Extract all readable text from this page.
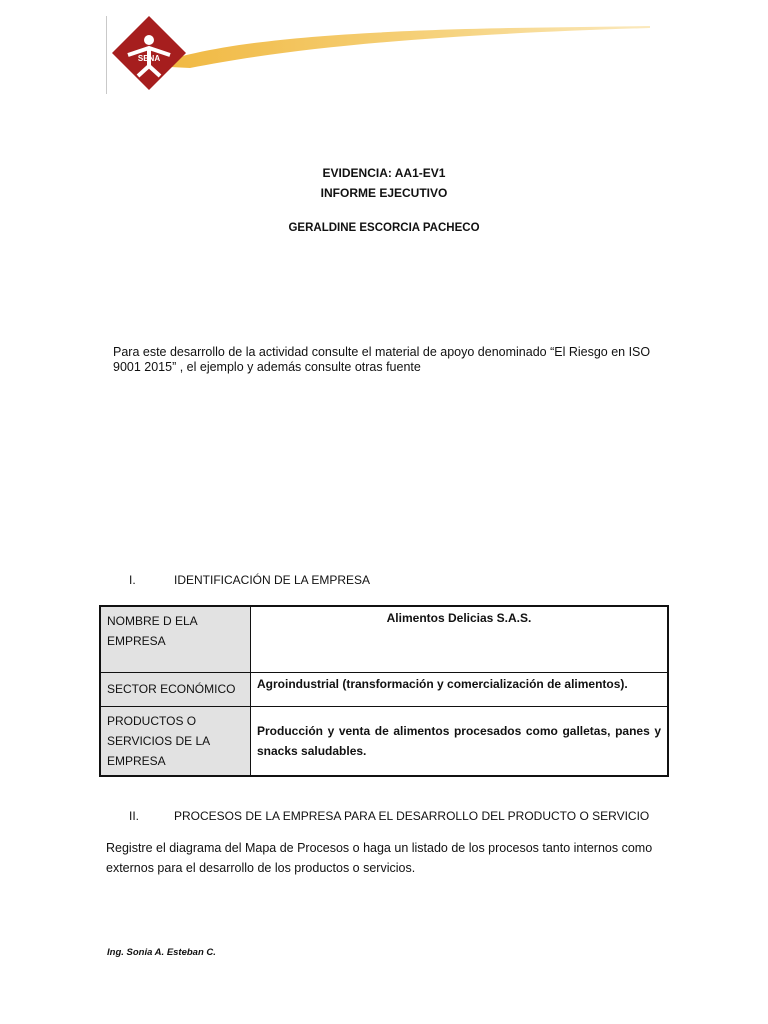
SENA
EVIDENCIA: AA1-EV1
INFORME EJECUTIVO
GERALDINE ESCORCIA PACHECO
Para este desarrollo de la actividad consulte el material de apoyo denominado “El Riesgo en ISO 9001 2015” , el ejemplo y además consulte otras fuente
I.	IDENTIFICACIÓN DE LA EMPRESA
NOMBRE D ELA EMPRESA	Alimentos Delicias S.A.S.
SECTOR ECONÓMICO	Agroindustrial (transformación y comercialización de alimentos).
PRODUCTOS O SERVICIOS DE LA EMPRESA	Producción y venta de alimentos procesados como galletas, panes y snacks saludables.
II.	PROCESOS DE LA EMPRESA PARA EL DESARROLLO DEL PRODUCTO O SERVICIO
Registre el diagrama del Mapa de Procesos o haga un listado de los procesos tanto internos como externos para el desarrollo de los productos o servicios.
Ing. Sonia A. Esteban C.
